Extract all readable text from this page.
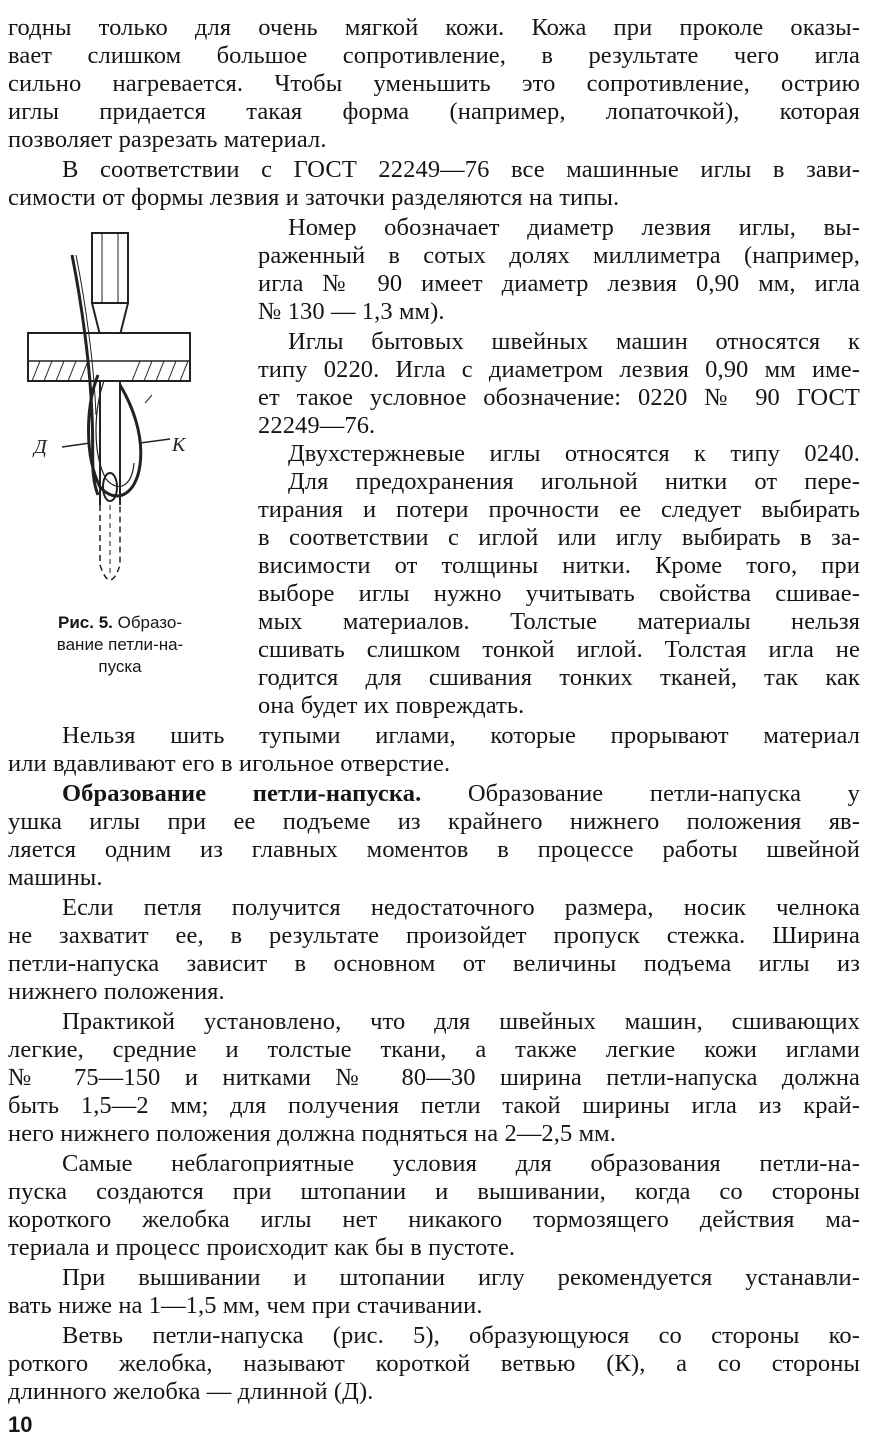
годны только для очень мягкой кожи. Кожа при проколе оказы-
вает слишком большое сопротивление, в результате чего игла
сильно нагревается. Чтобы уменьшить это сопротивление, острию
иглы придается такая форма (например, лопаточкой), которая
позволяет разрезать материал.
В соответствии с ГОСТ 22249—76 все машинные иглы в зави-
симости от формы лезвия и заточки разделяются на типы.
Д	К
Рис. 5. Образо-
вание петли-на-
пуска
Номер обозначает диаметр лезвия иглы, вы-
раженный в сотых долях миллиметра (например,
игла № 90 имеет диаметр лезвия 0,90 мм, игла
№ 130 — 1,3 мм).
Иглы бытовых швейных машин относятся к
типу 0220. Игла с диаметром лезвия 0,90 мм име-
ет такое условное обозначение: 0220 № 90 ГОСТ
22249—76.
Двухстержневые иглы относятся к типу 0240.
Для предохранения игольной нитки от пере-
тирания и потери прочности ее следует выбирать
в соответствии с иглой или иглу выбирать в за-
висимости от толщины нитки. Кроме того, при
выборе иглы нужно учитывать свойства сшивае-
мых материалов. Толстые материалы нельзя
сшивать слишком тонкой иглой. Толстая игла не
годится для сшивания тонких тканей, так как
она будет их повреждать.
Нельзя шить тупыми иглами, которые прорывают материал
или вдавливают его в игольное отверстие.
Образование петли-напуска. Образование петли-напуска у
ушка иглы при ее подъеме из крайнего нижнего положения яв-
ляется одним из главных моментов в процессе работы швейной
машины.
Если петля получится недостаточного размера, носик челнока
не захватит ее, в результате произойдет пропуск стежка. Ширина
петли-напуска зависит в основном от величины подъема иглы из
нижнего положения.
Практикой установлено, что для швейных машин, сшивающих
легкие, средние и толстые ткани, а также легкие кожи иглами
№ 75—150 и нитками № 80—30 ширина петли-напуска должна
быть 1,5—2 мм; для получения петли такой ширины игла из край-
него нижнего положения должна подняться на 2—2,5 мм.
Самые неблагоприятные условия для образования петли-на-
пуска создаются при штопании и вышивании, когда со стороны
короткого желобка иглы нет никакого тормозящего действия ма-
териала и процесс происходит как бы в пустоте.
При вышивании и штопании иглу рекомендуется устанавли-
вать ниже на 1—1,5 мм, чем при стачивании.
Ветвь петли-напуска (рис. 5), образующуюся со стороны ко-
роткого желобка, называют короткой ветвью (К), а со стороны
длинного желобка — длинной (Д).
10
